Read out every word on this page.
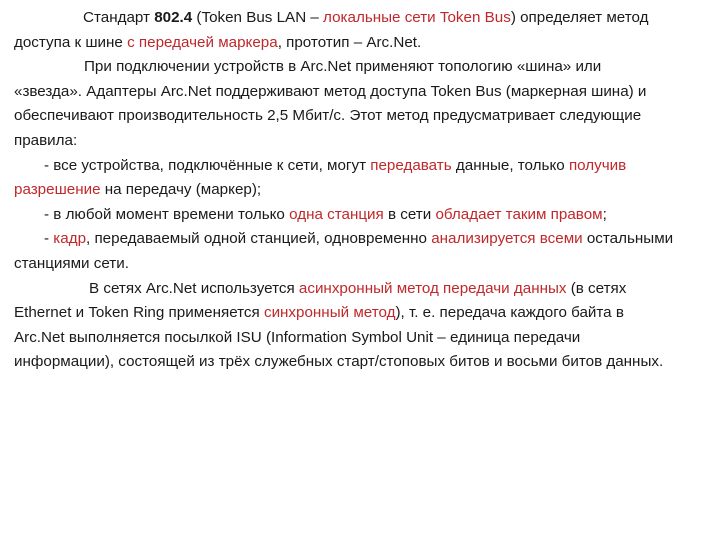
Стандарт 802.4 (Token Bus LAN – локальные сети Token Bus) определяет метод
доступа к шине с передачей маркера, прототип – Arc.Net.
При подключении устройств в Arc.Net применяют топологию «шина» или
«звезда». Адаптеры Arc.Net поддерживают метод доступа Token Bus (маркерная шина) и
обеспечивают производительность 2,5 Мбит/с. Этот метод предусматривает следующие
правила:
- все устройства, подключённые к сети, могут передавать данные, только получив
разрешение на передачу (маркер);
- в любой момент времени только одна станция в сети обладает таким правом;
- кадр, передаваемый одной станцией, одновременно анализируется всеми остальными
станциями сети.
В сетях Arc.Net используется асинхронный метод передачи данных (в сетях
Ethernet и Token Ring применяется синхронный метод), т. е. передача каждого байта в
Arc.Net выполняется посылкой ISU (Information Symbol Unit – единица передачи
информации), состоящей из трёх служебных старт/стоповых битов и восьми битов данных.
